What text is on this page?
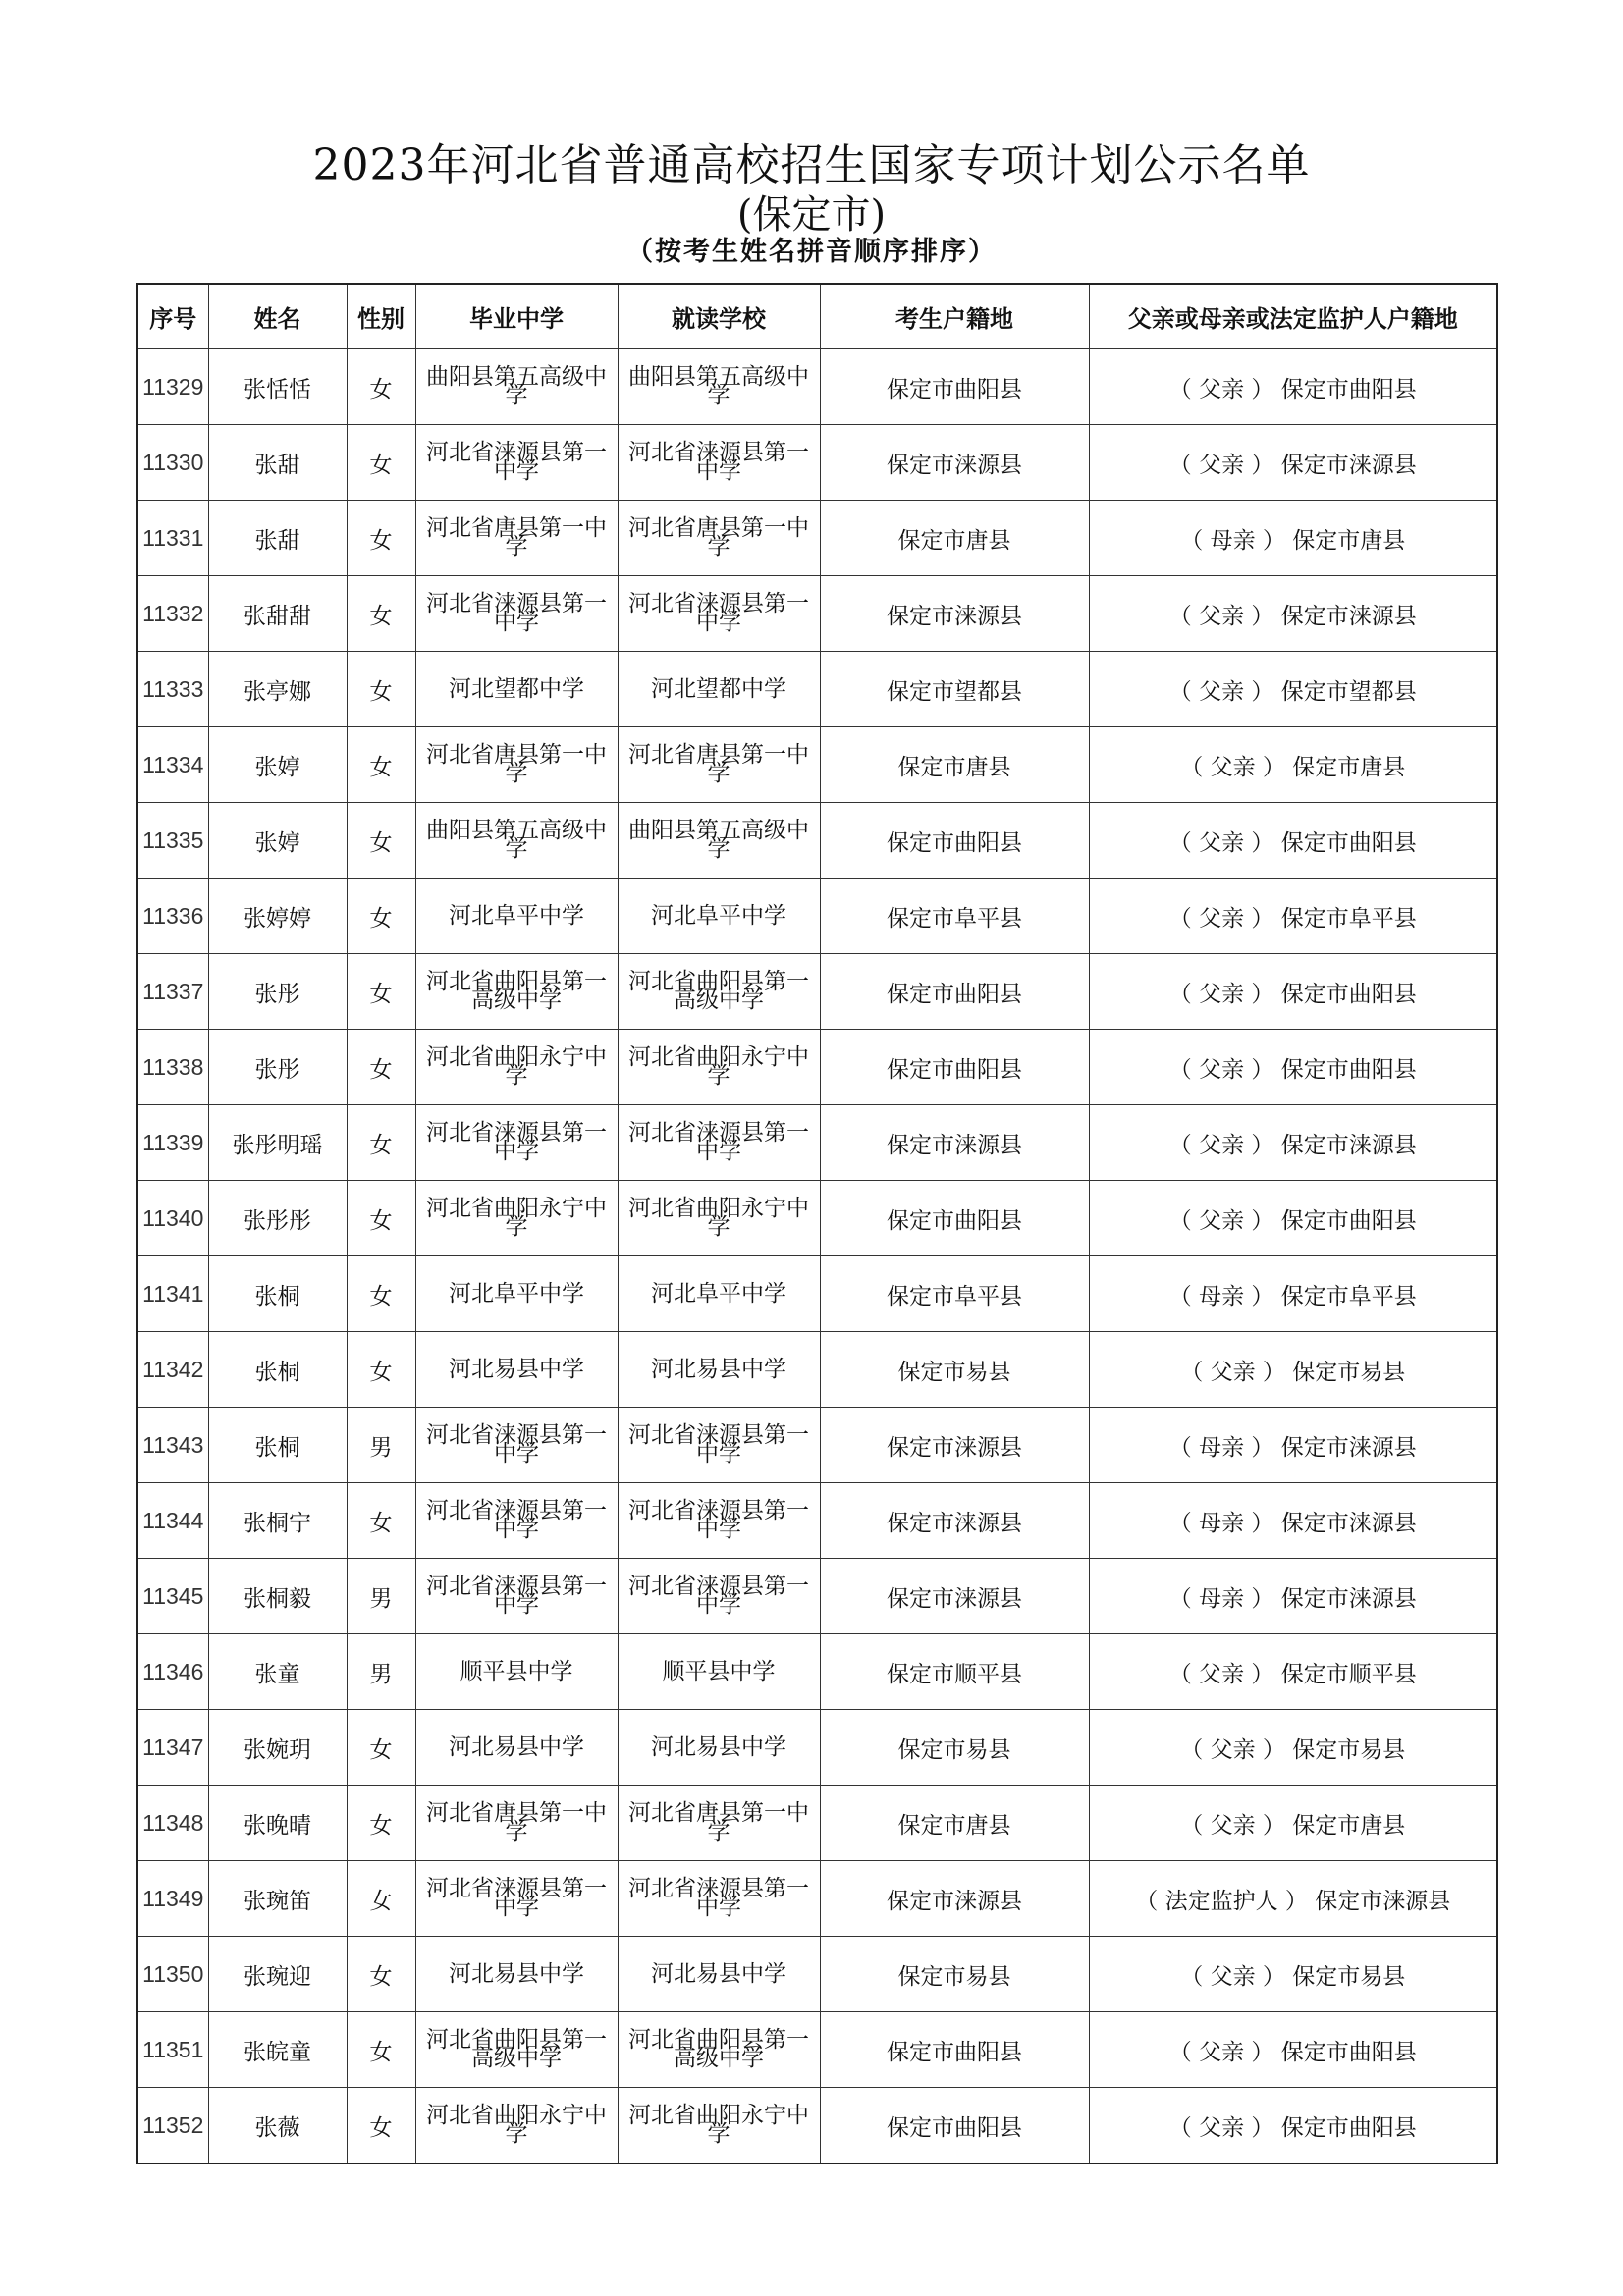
2023年河北省普通高校招生国家专项计划公示名单
(保定市)
（按考生姓名拼音顺序排序）
序号	姓名	性别	毕业中学	就读学校	考生户籍地	父亲或母亲或法定监护人户籍地
11329	张恬恬	女	曲阳县第五高级中学	曲阳县第五高级中学	保定市曲阳县	（ 父亲 ） 保定市曲阳县
11330	张甜	女	河北省涞源县第一中学	河北省涞源县第一中学	保定市涞源县	（ 父亲 ） 保定市涞源县
11331	张甜	女	河北省唐县第一中学	河北省唐县第一中学	保定市唐县	（ 母亲 ） 保定市唐县
11332	张甜甜	女	河北省涞源县第一中学	河北省涞源县第一中学	保定市涞源县	（ 父亲 ） 保定市涞源县
11333	张亭娜	女	河北望都中学	河北望都中学	保定市望都县	（ 父亲 ） 保定市望都县
11334	张婷	女	河北省唐县第一中学	河北省唐县第一中学	保定市唐县	（ 父亲 ） 保定市唐县
11335	张婷	女	曲阳县第五高级中学	曲阳县第五高级中学	保定市曲阳县	（ 父亲 ） 保定市曲阳县
11336	张婷婷	女	河北阜平中学	河北阜平中学	保定市阜平县	（ 父亲 ） 保定市阜平县
11337	张彤	女	河北省曲阳县第一高级中学	河北省曲阳县第一高级中学	保定市曲阳县	（ 父亲 ） 保定市曲阳县
11338	张彤	女	河北省曲阳永宁中学	河北省曲阳永宁中学	保定市曲阳县	（ 父亲 ） 保定市曲阳县
11339	张彤明瑶	女	河北省涞源县第一中学	河北省涞源县第一中学	保定市涞源县	（ 父亲 ） 保定市涞源县
11340	张彤彤	女	河北省曲阳永宁中学	河北省曲阳永宁中学	保定市曲阳县	（ 父亲 ） 保定市曲阳县
11341	张桐	女	河北阜平中学	河北阜平中学	保定市阜平县	（ 母亲 ） 保定市阜平县
11342	张桐	女	河北易县中学	河北易县中学	保定市易县	（ 父亲 ） 保定市易县
11343	张桐	男	河北省涞源县第一中学	河北省涞源县第一中学	保定市涞源县	（ 母亲 ） 保定市涞源县
11344	张桐宁	女	河北省涞源县第一中学	河北省涞源县第一中学	保定市涞源县	（ 母亲 ） 保定市涞源县
11345	张桐毅	男	河北省涞源县第一中学	河北省涞源县第一中学	保定市涞源县	（ 母亲 ） 保定市涞源县
11346	张童	男	顺平县中学	顺平县中学	保定市顺平县	（ 父亲 ） 保定市顺平县
11347	张婉玥	女	河北易县中学	河北易县中学	保定市易县	（ 父亲 ） 保定市易县
11348	张晚晴	女	河北省唐县第一中学	河北省唐县第一中学	保定市唐县	（ 父亲 ） 保定市唐县
11349	张琬笛	女	河北省涞源县第一中学	河北省涞源县第一中学	保定市涞源县	（ 法定监护人 ） 保定市涞源县
11350	张琬迎	女	河北易县中学	河北易县中学	保定市易县	（ 父亲 ） 保定市易县
11351	张皖童	女	河北省曲阳县第一高级中学	河北省曲阳县第一高级中学	保定市曲阳县	（ 父亲 ） 保定市曲阳县
11352	张薇	女	河北省曲阳永宁中学	河北省曲阳永宁中学	保定市曲阳县	（ 父亲 ） 保定市曲阳县
